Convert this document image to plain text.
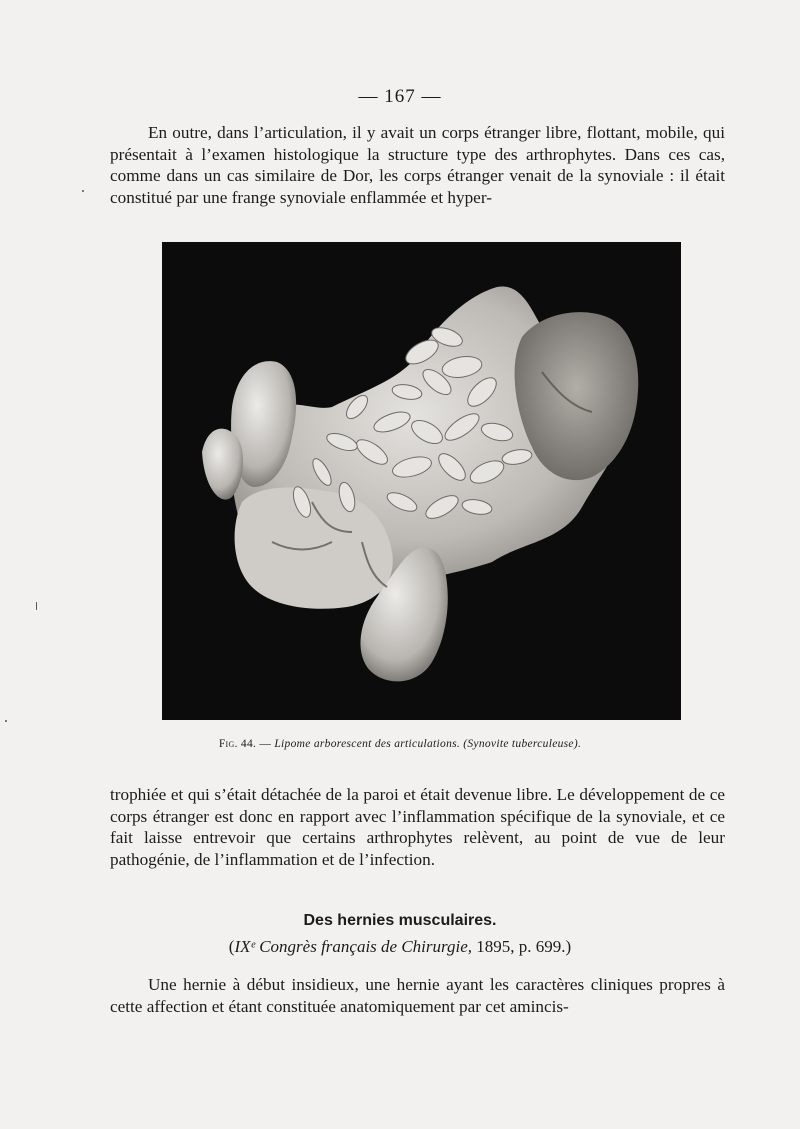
— 167 —

En outre, dans l’articulation, il y avait un corps étranger libre, flottant, mobile, qui présentait à l’examen histologique la structure type des arthrophytes. Dans ces cas, comme dans un cas similaire de Dor, les corps étranger venait de la synoviale : il était constitué par une frange synoviale enflammée et hyper-

Fig. 44. — Lipome arborescent des articulations. (Synovite tuberculeuse).

trophiée et qui s’était détachée de la paroi et était devenue libre. Le développement de ce corps étranger est donc en rapport avec l’inflammation spécifique de la synoviale, et ce fait laisse entrevoir que certains arthrophytes relèvent, au point de vue de leur pathogénie, de l’inflammation et de l’infection.

Des hernies musculaires.
(IXᵉ Congrès français de Chirurgie, 1895, p. 699.)

Une hernie à début insidieux, une hernie ayant les caractères cliniques propres à cette affection et étant constituée anatomiquement par cet amincis-
